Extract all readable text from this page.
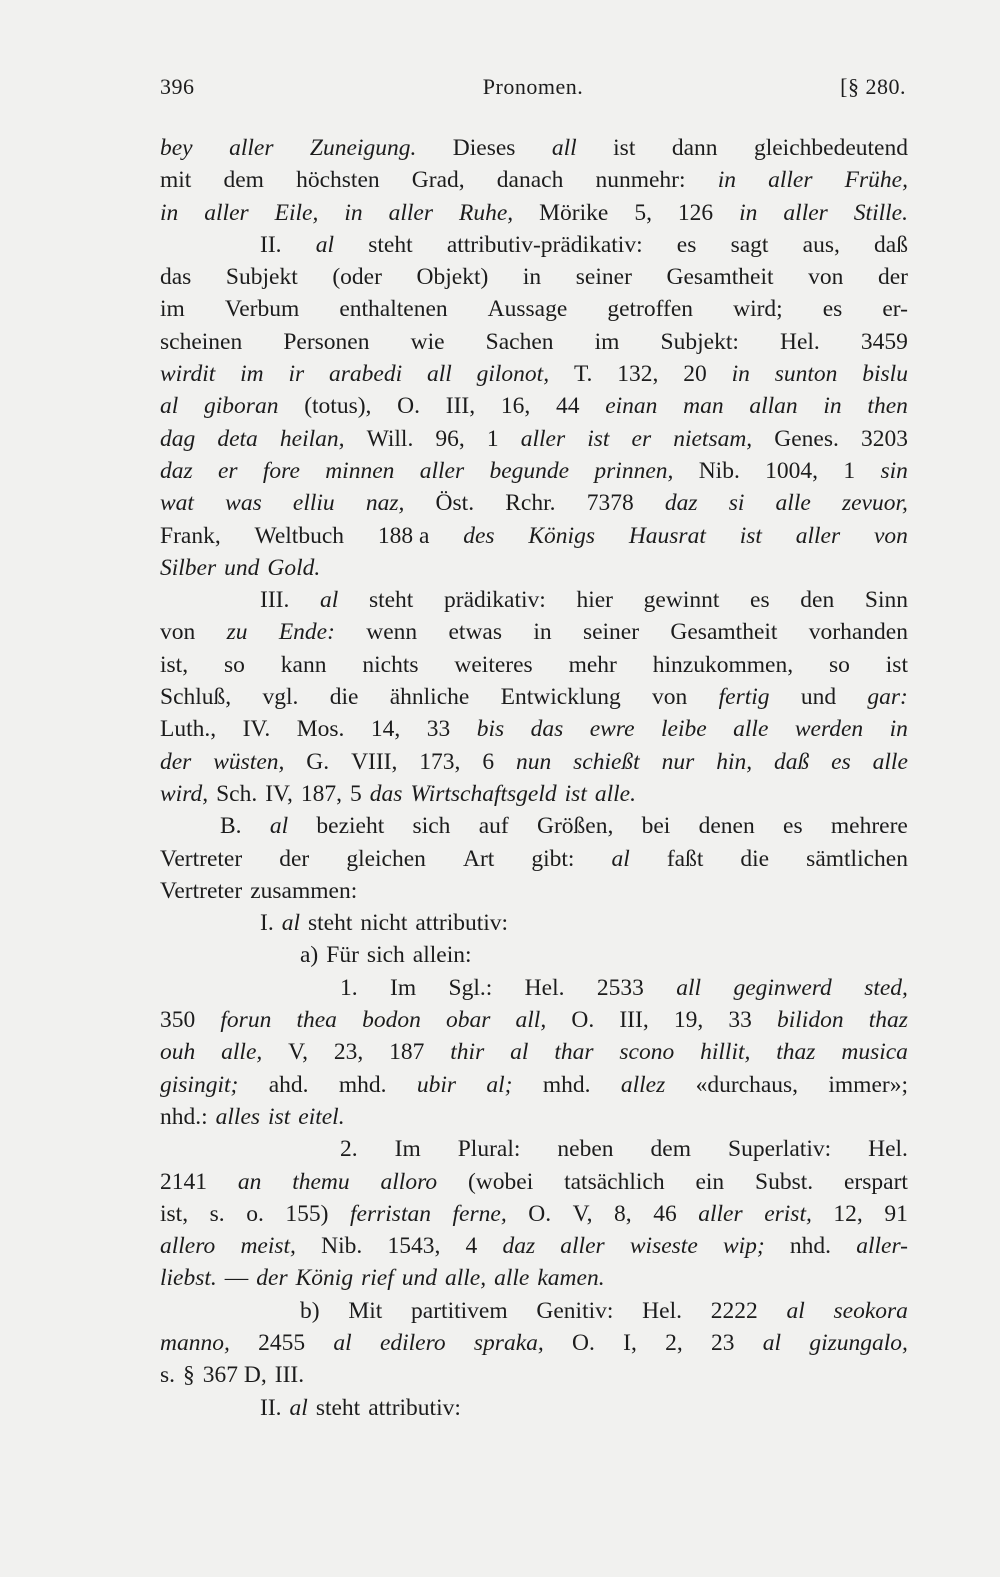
396	Pronomen.	[§ 280.
bey aller Zuneigung. Dieses all ist dann gleichbedeutend
mit dem höchsten Grad, danach nunmehr: in aller Frühe,
in aller Eile, in aller Ruhe, Mörike 5, 126 in aller Stille.
II. al steht attributiv-prädikativ: es sagt aus, daß
das Subjekt (oder Objekt) in seiner Gesamtheit von der
im Verbum enthaltenen Aussage getroffen wird; es er-
scheinen Personen wie Sachen im Subjekt: Hel. 3459
wirdit im ir arabedi all gilonot, T. 132, 20 in sunton bislu
al giboran (totus), O. III, 16, 44 einan man allan in then
dag deta heilan, Will. 96, 1 aller ist er nietsam, Genes. 3203
daz er fore minnen aller begunde prinnen, Nib. 1004, 1 sin
wat was elliu naz, Öst. Rchr. 7378 daz si alle zevuor,
Frank, Weltbuch 188 a des Königs Hausrat ist aller von
Silber und Gold.
III. al steht prädikativ: hier gewinnt es den Sinn
von zu Ende: wenn etwas in seiner Gesamtheit vorhanden
ist, so kann nichts weiteres mehr hinzukommen, so ist
Schluß, vgl. die ähnliche Entwicklung von fertig und gar:
Luth., IV. Mos. 14, 33 bis das ewre leibe alle werden in
der wüsten, G. VIII, 173, 6 nun schießt nur hin, daß es alle
wird, Sch. IV, 187, 5 das Wirtschaftsgeld ist alle.
B. al bezieht sich auf Größen, bei denen es mehrere
Vertreter der gleichen Art gibt: al faßt die sämtlichen
Vertreter zusammen:
I. al steht nicht attributiv:
a) Für sich allein:
1. Im Sgl.: Hel. 2533 all geginwerd sted,
350 forun thea bodon obar all, O. III, 19, 33 bilidon thaz
ouh alle, V, 23, 187 thir al thar scono hillit, thaz musica
gisingit; ahd. mhd. ubir al; mhd. allez «durchaus, immer»;
nhd.: alles ist eitel.
2. Im Plural: neben dem Superlativ: Hel.
2141 an themu alloro (wobei tatsächlich ein Subst. erspart
ist, s. o. 155) ferristan ferne, O. V, 8, 46 aller erist, 12, 91
allero meist, Nib. 1543, 4 daz aller wiseste wip; nhd. aller-
liebst. — der König rief und alle, alle kamen.
b) Mit partitivem Genitiv: Hel. 2222 al seokora
manno, 2455 al edilero spraka, O. I, 2, 23 al gizungalo,
s. § 367 D, III.
II. al steht attributiv:
